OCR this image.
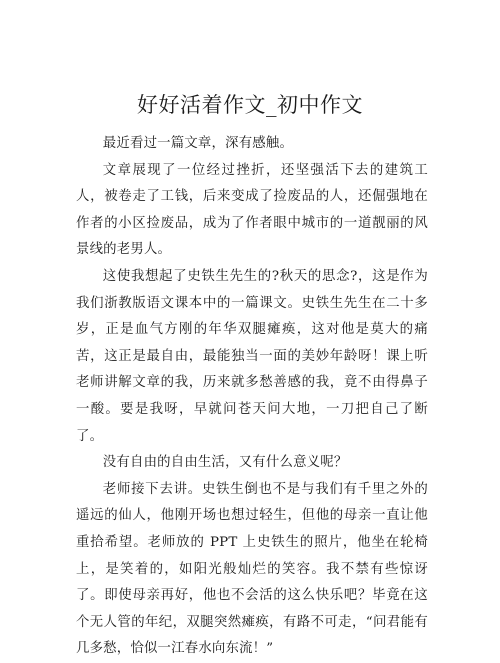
好好活着作文_初中作文

最近看过一篇文章，深有感触。

文章展现了一位经过挫折，还坚强活下去的建筑工人，被卷走了工钱，后来变成了捡废品的人，还倔强地在作者的小区捡废品，成为了作者眼中城市的一道靓丽的风景线的老男人。

这使我想起了史铁生先生的?秋天的思念?，这是作为我们浙教版语文课本中的一篇课文。史铁生先生在二十多岁，正是血气方刚的年华双腿瘫痪，这对他是莫大的痛苦，这正是最自由，最能独当一面的美妙年龄呀！课上听老师讲解文章的我，历来就多愁善感的我，竟不由得鼻子一酸。要是我呀，早就问苍天问大地，一刀把自己了断了。

没有自由的自由生活，又有什么意义呢？

老师接下去讲。史铁生倒也不是与我们有千里之外的遥远的仙人，他刚开场也想过轻生，但他的母亲一直让他重拾希望。老师放的 PPT 上史铁生的照片，他坐在轮椅上，是笑着的，如阳光般灿烂的笑容。我不禁有些惊讶了。即使母亲再好，他也不会活的这么快乐吧？毕竟在这个无人管的年纪，双腿突然瘫痪，有路不可走，“问君能有几多愁，恰似一江春水向东流！”
